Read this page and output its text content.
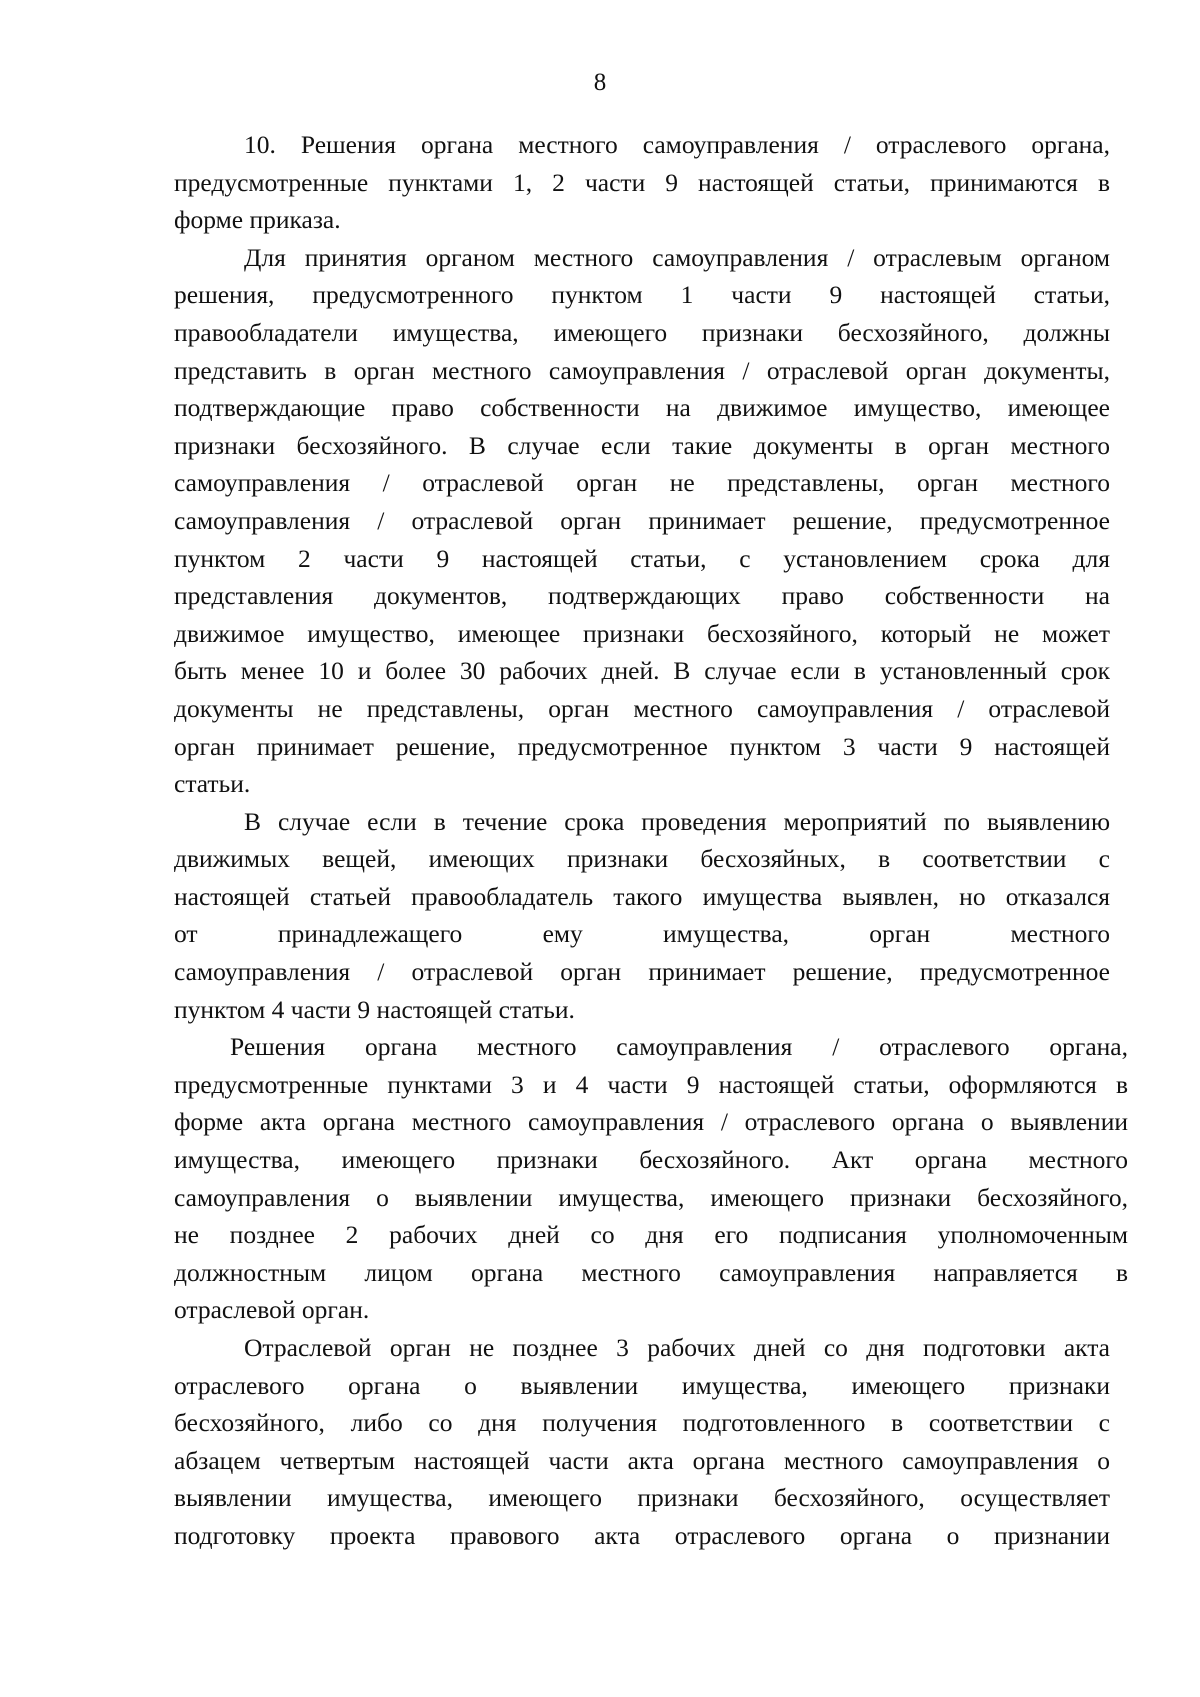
8
10. Решения органа местного самоуправления / отраслевого органа,
предусмотренные пунктами 1, 2 части 9 настоящей статьи, принимаются в
форме приказа.
Для принятия органом местного самоуправления / отраслевым органом
решения, предусмотренного пунктом 1 части 9 настоящей статьи,
правообладатели имущества, имеющего признаки бесхозяйного, должны
представить в орган местного самоуправления / отраслевой орган документы,
подтверждающие право собственности на движимое имущество, имеющее
признаки бесхозяйного. В случае если такие документы в орган местного
самоуправления / отраслевой орган не представлены, орган местного
самоуправления / отраслевой орган принимает решение, предусмотренное
пунктом 2 части 9 настоящей статьи, с установлением срока для
представления документов, подтверждающих право собственности на
движимое имущество, имеющее признаки бесхозяйного, который не может
быть менее 10 и более 30 рабочих дней. В случае если в установленный срок
документы не представлены, орган местного самоуправления / отраслевой
орган принимает решение, предусмотренное пунктом 3 части 9 настоящей
статьи.
В случае если в течение срока проведения мероприятий по выявлению
движимых вещей, имеющих признаки бесхозяйных, в соответствии с
настоящей статьей правообладатель такого имущества выявлен, но отказался
от принадлежащего ему имущества, орган местного
самоуправления / отраслевой орган принимает решение, предусмотренное
пунктом 4 части 9 настоящей статьи.
Решения органа местного самоуправления / отраслевого органа,
предусмотренные пунктами 3 и 4 части 9 настоящей статьи, оформляются в
форме акта органа местного самоуправления / отраслевого органа о выявлении
имущества, имеющего признаки бесхозяйного. Акт органа местного
самоуправления о выявлении имущества, имеющего признаки бесхозяйного,
не позднее 2 рабочих дней со дня его подписания уполномоченным
должностным лицом органа местного самоуправления направляется в
отраслевой орган.
Отраслевой орган не позднее 3 рабочих дней со дня подготовки акта
отраслевого органа о выявлении имущества, имеющего признаки
бесхозяйного, либо со дня получения подготовленного в соответствии с
абзацем четвертым настоящей части акта органа местного самоуправления о
выявлении имущества, имеющего признаки бесхозяйного, осуществляет
подготовку проекта правового акта отраслевого органа о признании
